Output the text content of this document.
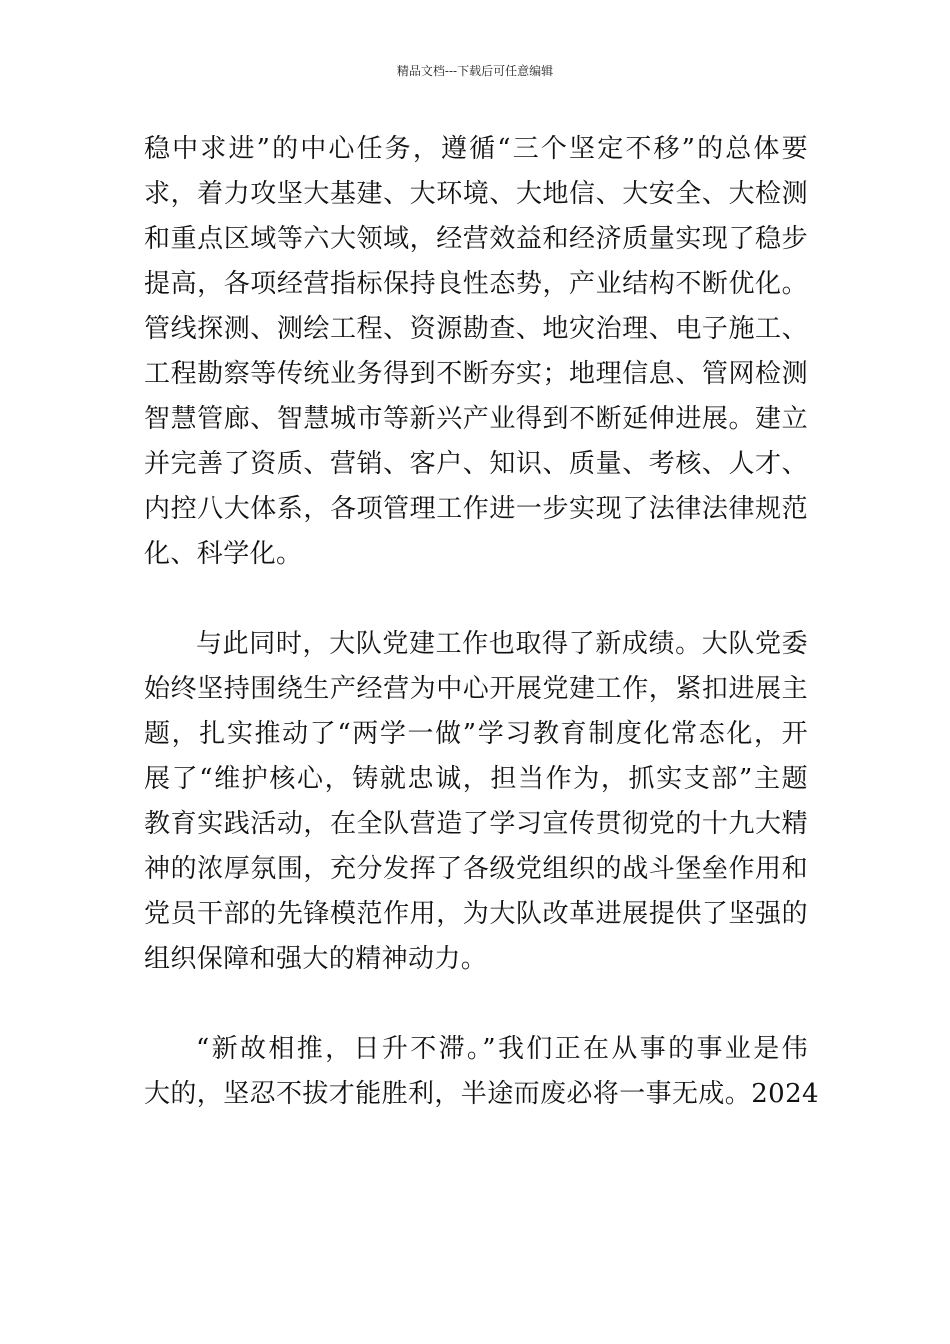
精品文档---下载后可任意编辑

稳中求进”的中心任务，遵循“三个坚定不移”的总体要
求，着力攻坚大基建、大环境、大地信、大安全、大检测
和重点区域等六大领域，经营效益和经济质量实现了稳步
提高，各项经营指标保持良性态势，产业结构不断优化。
管线探测、测绘工程、资源勘查、地灾治理、电子施工、
工程勘察等传统业务得到不断夯实；地理信息、管网检测
智慧管廊、智慧城市等新兴产业得到不断延伸进展。建立
并完善了资质、营销、客户、知识、质量、考核、人才、
内控八大体系，各项管理工作进一步实现了法律法律规范
化、科学化。

与此同时，大队党建工作也取得了新成绩。大队党委
始终坚持围绕生产经营为中心开展党建工作，紧扣进展主
题，扎实推动了“两学一做”学习教育制度化常态化，开
展了“维护核心，铸就忠诚，担当作为，抓实支部”主题
教育实践活动，在全队营造了学习宣传贯彻党的十九大精
神的浓厚氛围，充分发挥了各级党组织的战斗堡垒作用和
党员干部的先锋模范作用，为大队改革进展提供了坚强的
组织保障和强大的精神动力。

“新故相推，日升不滞。”我们正在从事的事业是伟
大的，坚忍不拔才能胜利，半途而废必将一事无成。2024
